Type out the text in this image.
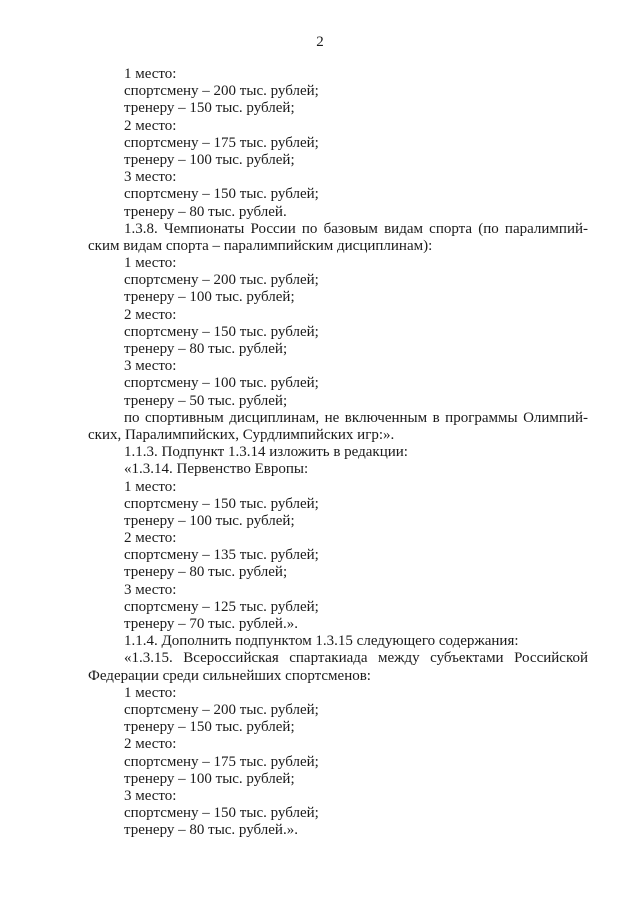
2
1 место:
спортсмену – 200 тыс. рублей;
тренеру – 150 тыс. рублей;
2 место:
спортсмену – 175 тыс. рублей;
тренеру – 100 тыс. рублей;
3 место:
спортсмену – 150 тыс. рублей;
тренеру – 80 тыс. рублей.
1.3.8. Чемпионаты России по базовым видам спорта (по паралимпий-
ским видам спорта – паралимпийским дисциплинам):
1 место:
спортсмену – 200 тыс. рублей;
тренеру – 100 тыс. рублей;
2 место:
спортсмену – 150 тыс. рублей;
тренеру – 80 тыс. рублей;
3 место:
спортсмену – 100 тыс. рублей;
тренеру – 50 тыс. рублей;
по спортивным дисциплинам, не включенным в программы Олимпий-
ских, Паралимпийских, Сурдлимпийских игр:».
1.1.3. Подпункт 1.3.14 изложить в редакции:
«1.3.14. Первенство Европы:
1 место:
спортсмену – 150 тыс. рублей;
тренеру – 100 тыс. рублей;
2 место:
спортсмену – 135 тыс. рублей;
тренеру – 80 тыс. рублей;
3 место:
спортсмену – 125 тыс. рублей;
тренеру – 70 тыс. рублей.».
1.1.4. Дополнить подпунктом 1.3.15 следующего содержания:
«1.3.15. Всероссийская спартакиада между субъектами Российской
Федерации среди сильнейших спортсменов:
1 место:
спортсмену – 200 тыс. рублей;
тренеру – 150 тыс. рублей;
2 место:
спортсмену – 175 тыс. рублей;
тренеру – 100 тыс. рублей;
3 место:
спортсмену – 150 тыс. рублей;
тренеру – 80 тыс. рублей.».
